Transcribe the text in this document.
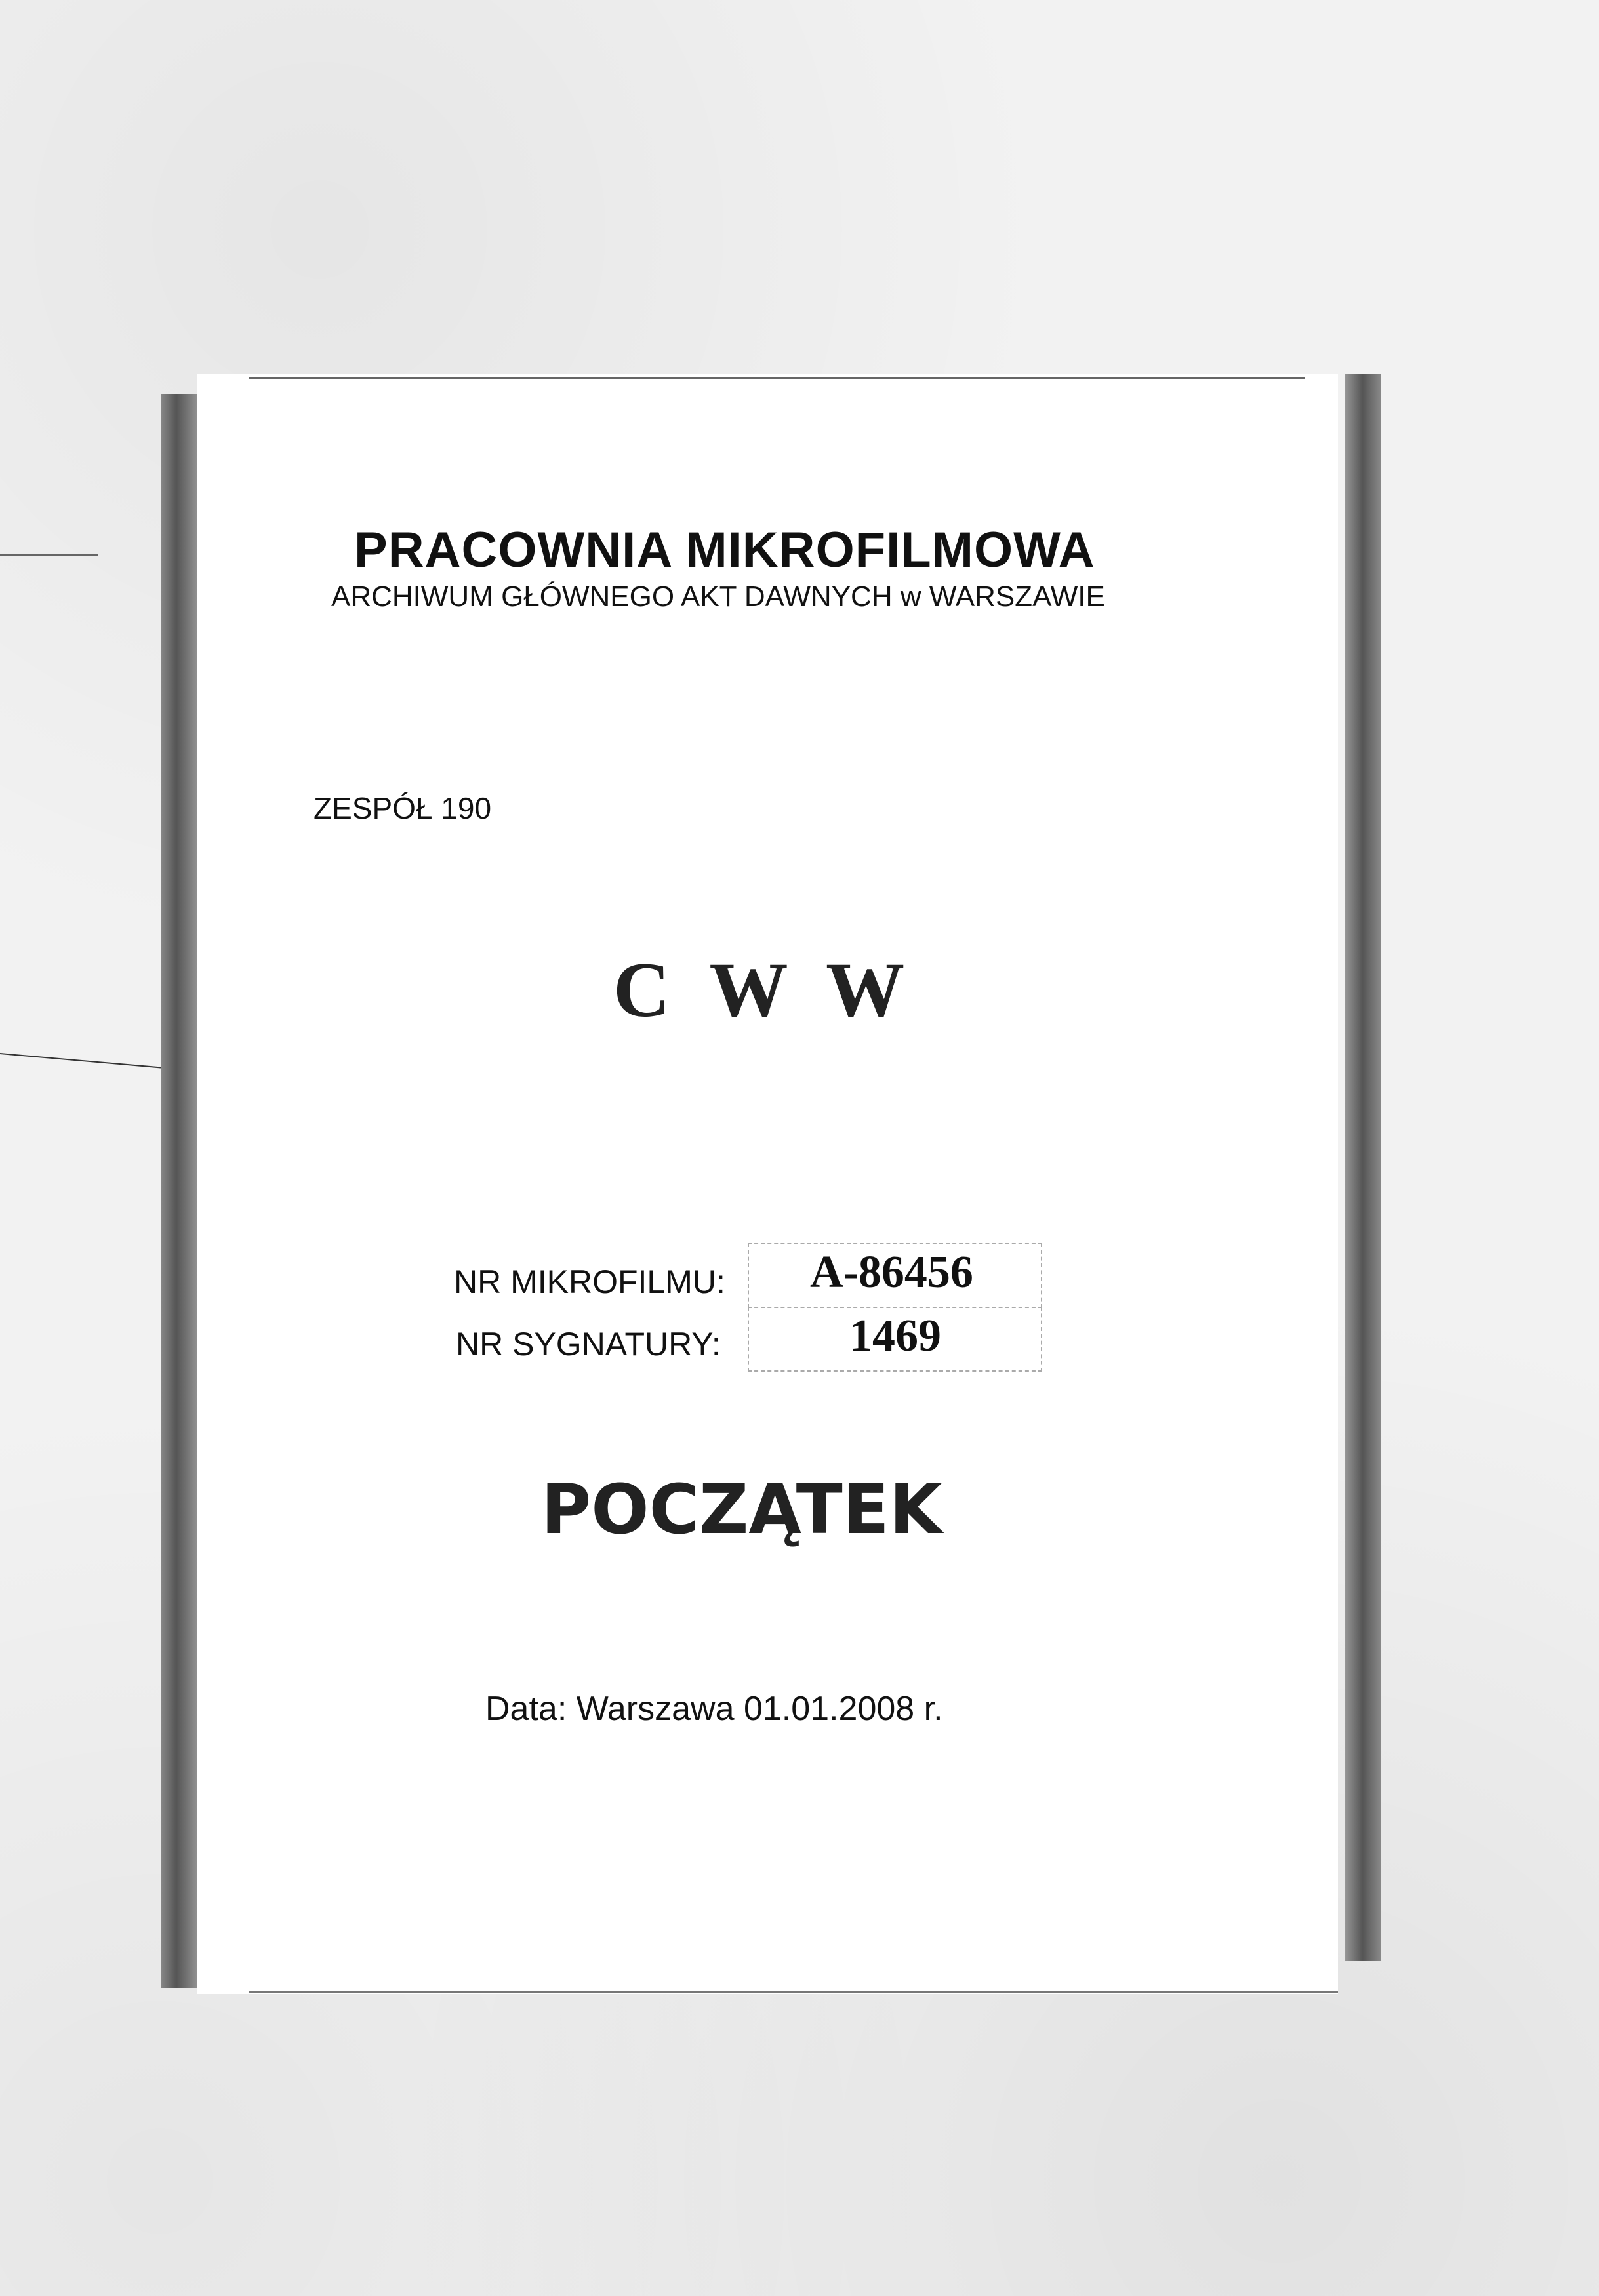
PRACOWNIA MIKROFILMOWA
ARCHIWUM GŁÓWNEGO AKT DAWNYCH w WARSZAWIE
ZESPÓŁ 190
C W W
NR MIKROFILMU: A-86456
NR SYGNATURY:	1469
POCZĄTEK
Data: Warszawa 01.01.2008 r.
